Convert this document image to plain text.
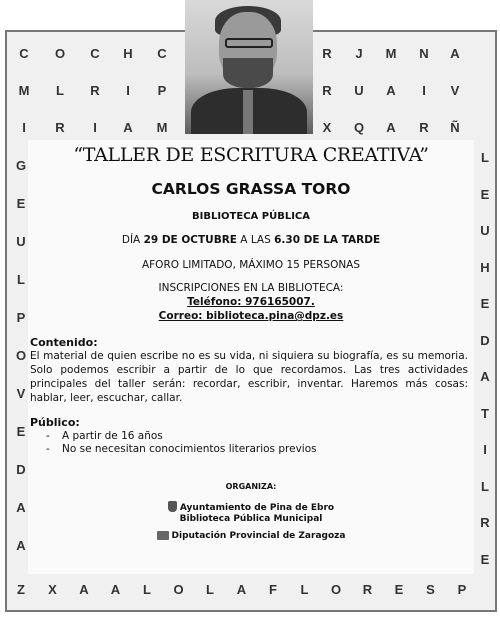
C O C H C	R J M N A
M L R	I	P	R U A	I	V
I	R	I	A M	X Q A R Ñ
G
E
U
L
P
O
V
E
D
A
A
L
E
U
H
E
D
A
T
I
L
R
E
Z X A A L O L A F L O R E S P
“TALLER DE ESCRITURA CREATIVA”
CARLOS GRASSA TORO
BIBLIOTECA PÚBLICA
DÍA 29 DE OCTUBRE A LAS 6.30 DE LA TARDE
AFORO LIMITADO, MÁXIMO 15 PERSONAS
INSCRIPCIONES EN LA BIBLIOTECA:
Teléfono: 976165007.
Correo: biblioteca.pina@dpz.es
Contenido:
El material de quien escribe no es su vida, ni siquiera su biografía, es su memoria. Solo podemos escribir a partir de lo que recordamos. Las tres actividades principales del taller serán: recordar, escribir, inventar. Haremos más cosas: hablar, leer, escuchar, callar.
Público:
- A partir de 16 años
- No se necesitan conocimientos literarios previos
ORGANIZA:
Ayuntamiento de Pina de Ebro
Biblioteca Pública Municipal
Diputación Provincial de Zaragoza
